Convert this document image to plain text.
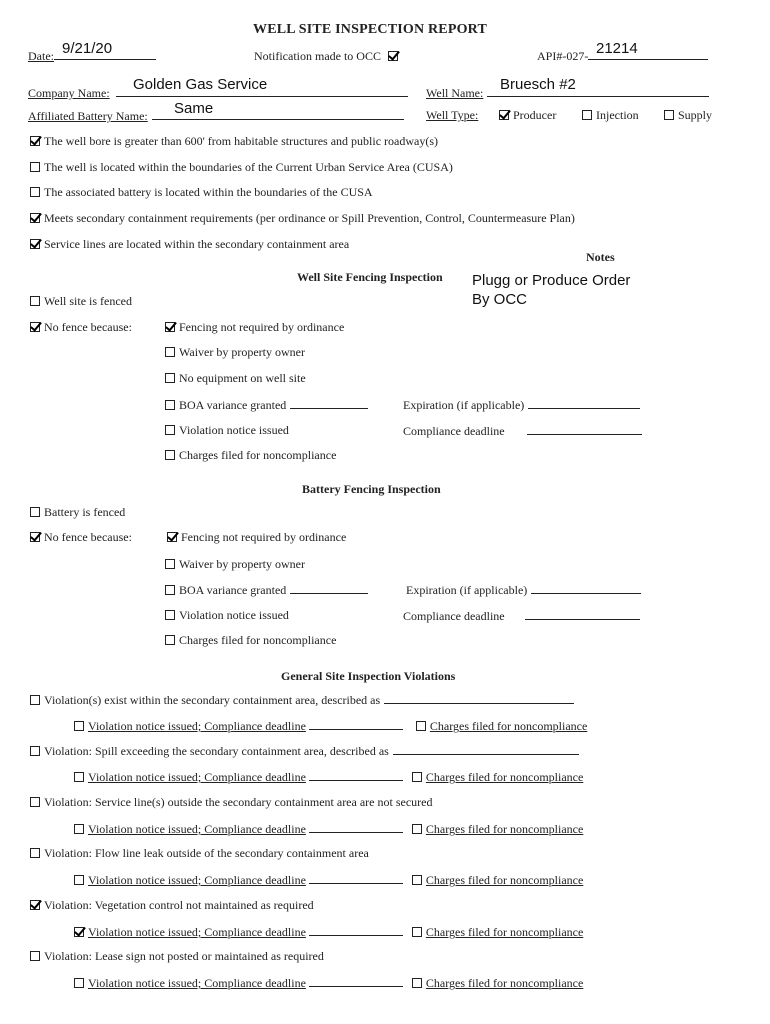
WELL SITE INSPECTION REPORT
Date: 9/21/20	Notification made to OCC	API#-027- 21214
Company Name:	Golden Gas Service	Well Name:	Bruesch #2
Affiliated Battery Name:	Same	Well Type:	Producer	Injection	Supply
The well bore is greater than 600' from habitable structures and public roadway(s)
The well is located within the boundaries of the Current Urban Service Area (CUSA)
The associated battery is located within the boundaries of the CUSA
Meets secondary containment requirements (per ordinance or Spill Prevention, Control, Countermeasure Plan)
Service lines are located within the secondary containment area
Notes
Plugg or Produce Order
By OCC
Well Site Fencing Inspection
Well site is fenced
No fence because:	Fencing not required by ordinance
Waiver by property owner
No equipment on well site
BOA variance granted	Expiration (if applicable)
Violation notice issued	Compliance deadline
Charges filed for noncompliance
Battery Fencing Inspection
Battery is fenced
No fence because:	Fencing not required by ordinance
Waiver by property owner
BOA variance granted	Expiration (if applicable)
Violation notice issued	Compliance deadline
Charges filed for noncompliance
General Site Inspection Violations
Violation(s) exist within the secondary containment area, described as
Violation notice issued; Compliance deadline	Charges filed for noncompliance
Violation: Spill exceeding the secondary containment area, described as
Violation notice issued; Compliance deadline	Charges filed for noncompliance
Violation: Service line(s) outside the secondary containment area are not secured
Violation notice issued; Compliance deadline	Charges filed for noncompliance
Violation: Flow line leak outside of the secondary containment area
Violation notice issued; Compliance deadline	Charges filed for noncompliance
Violation: Vegetation control not maintained as required
Violation notice issued; Compliance deadline	Charges filed for noncompliance
Violation: Lease sign not posted or maintained as required
Violation notice issued; Compliance deadline	Charges filed for noncompliance
